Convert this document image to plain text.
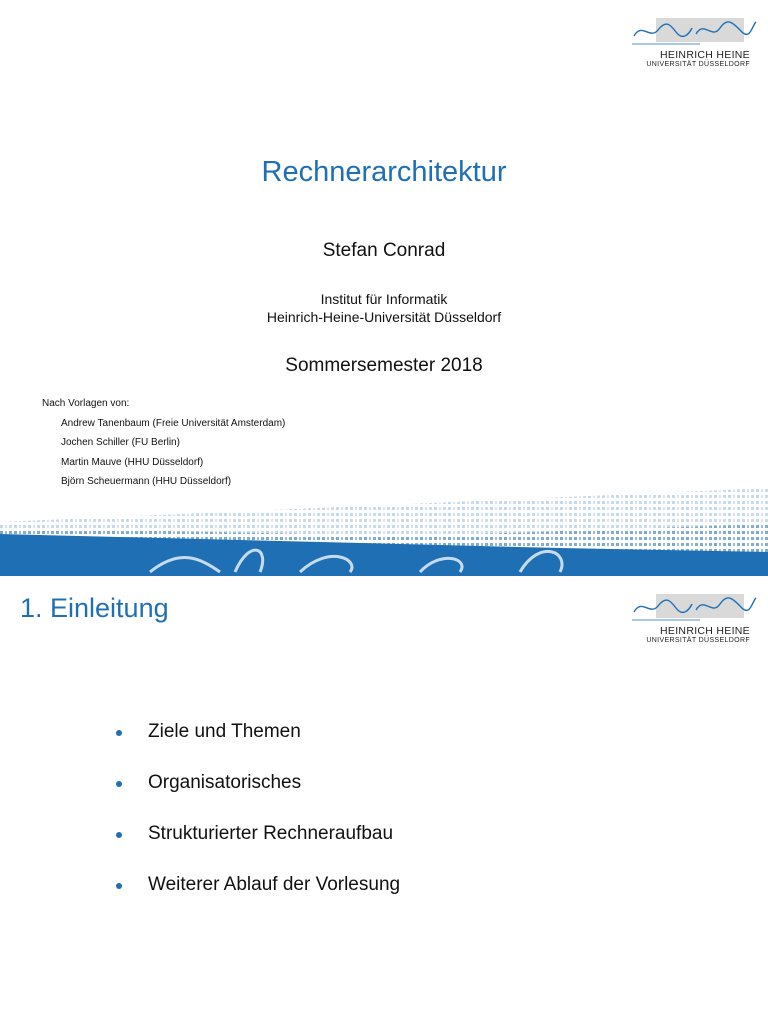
HEINRICH HEINE
UNIVERSITÄT DÜSSELDORF
Rechnerarchitektur
Stefan Conrad
Institut für Informatik
Heinrich-Heine-Universität Düsseldorf
Sommersemester 2018
Nach Vorlagen von:
Andrew Tanenbaum (Freie Universität Amsterdam)
Jochen Schiller (FU Berlin)
Martin Mauve (HHU Düsseldorf)
Björn Scheuermann (HHU Düsseldorf)
1. Einleitung
HEINRICH HEINE
UNIVERSITÄT DÜSSELDORF
Ziele und Themen
Organisatorisches
Strukturierter Rechneraufbau
Weiterer Ablauf der Vorlesung
